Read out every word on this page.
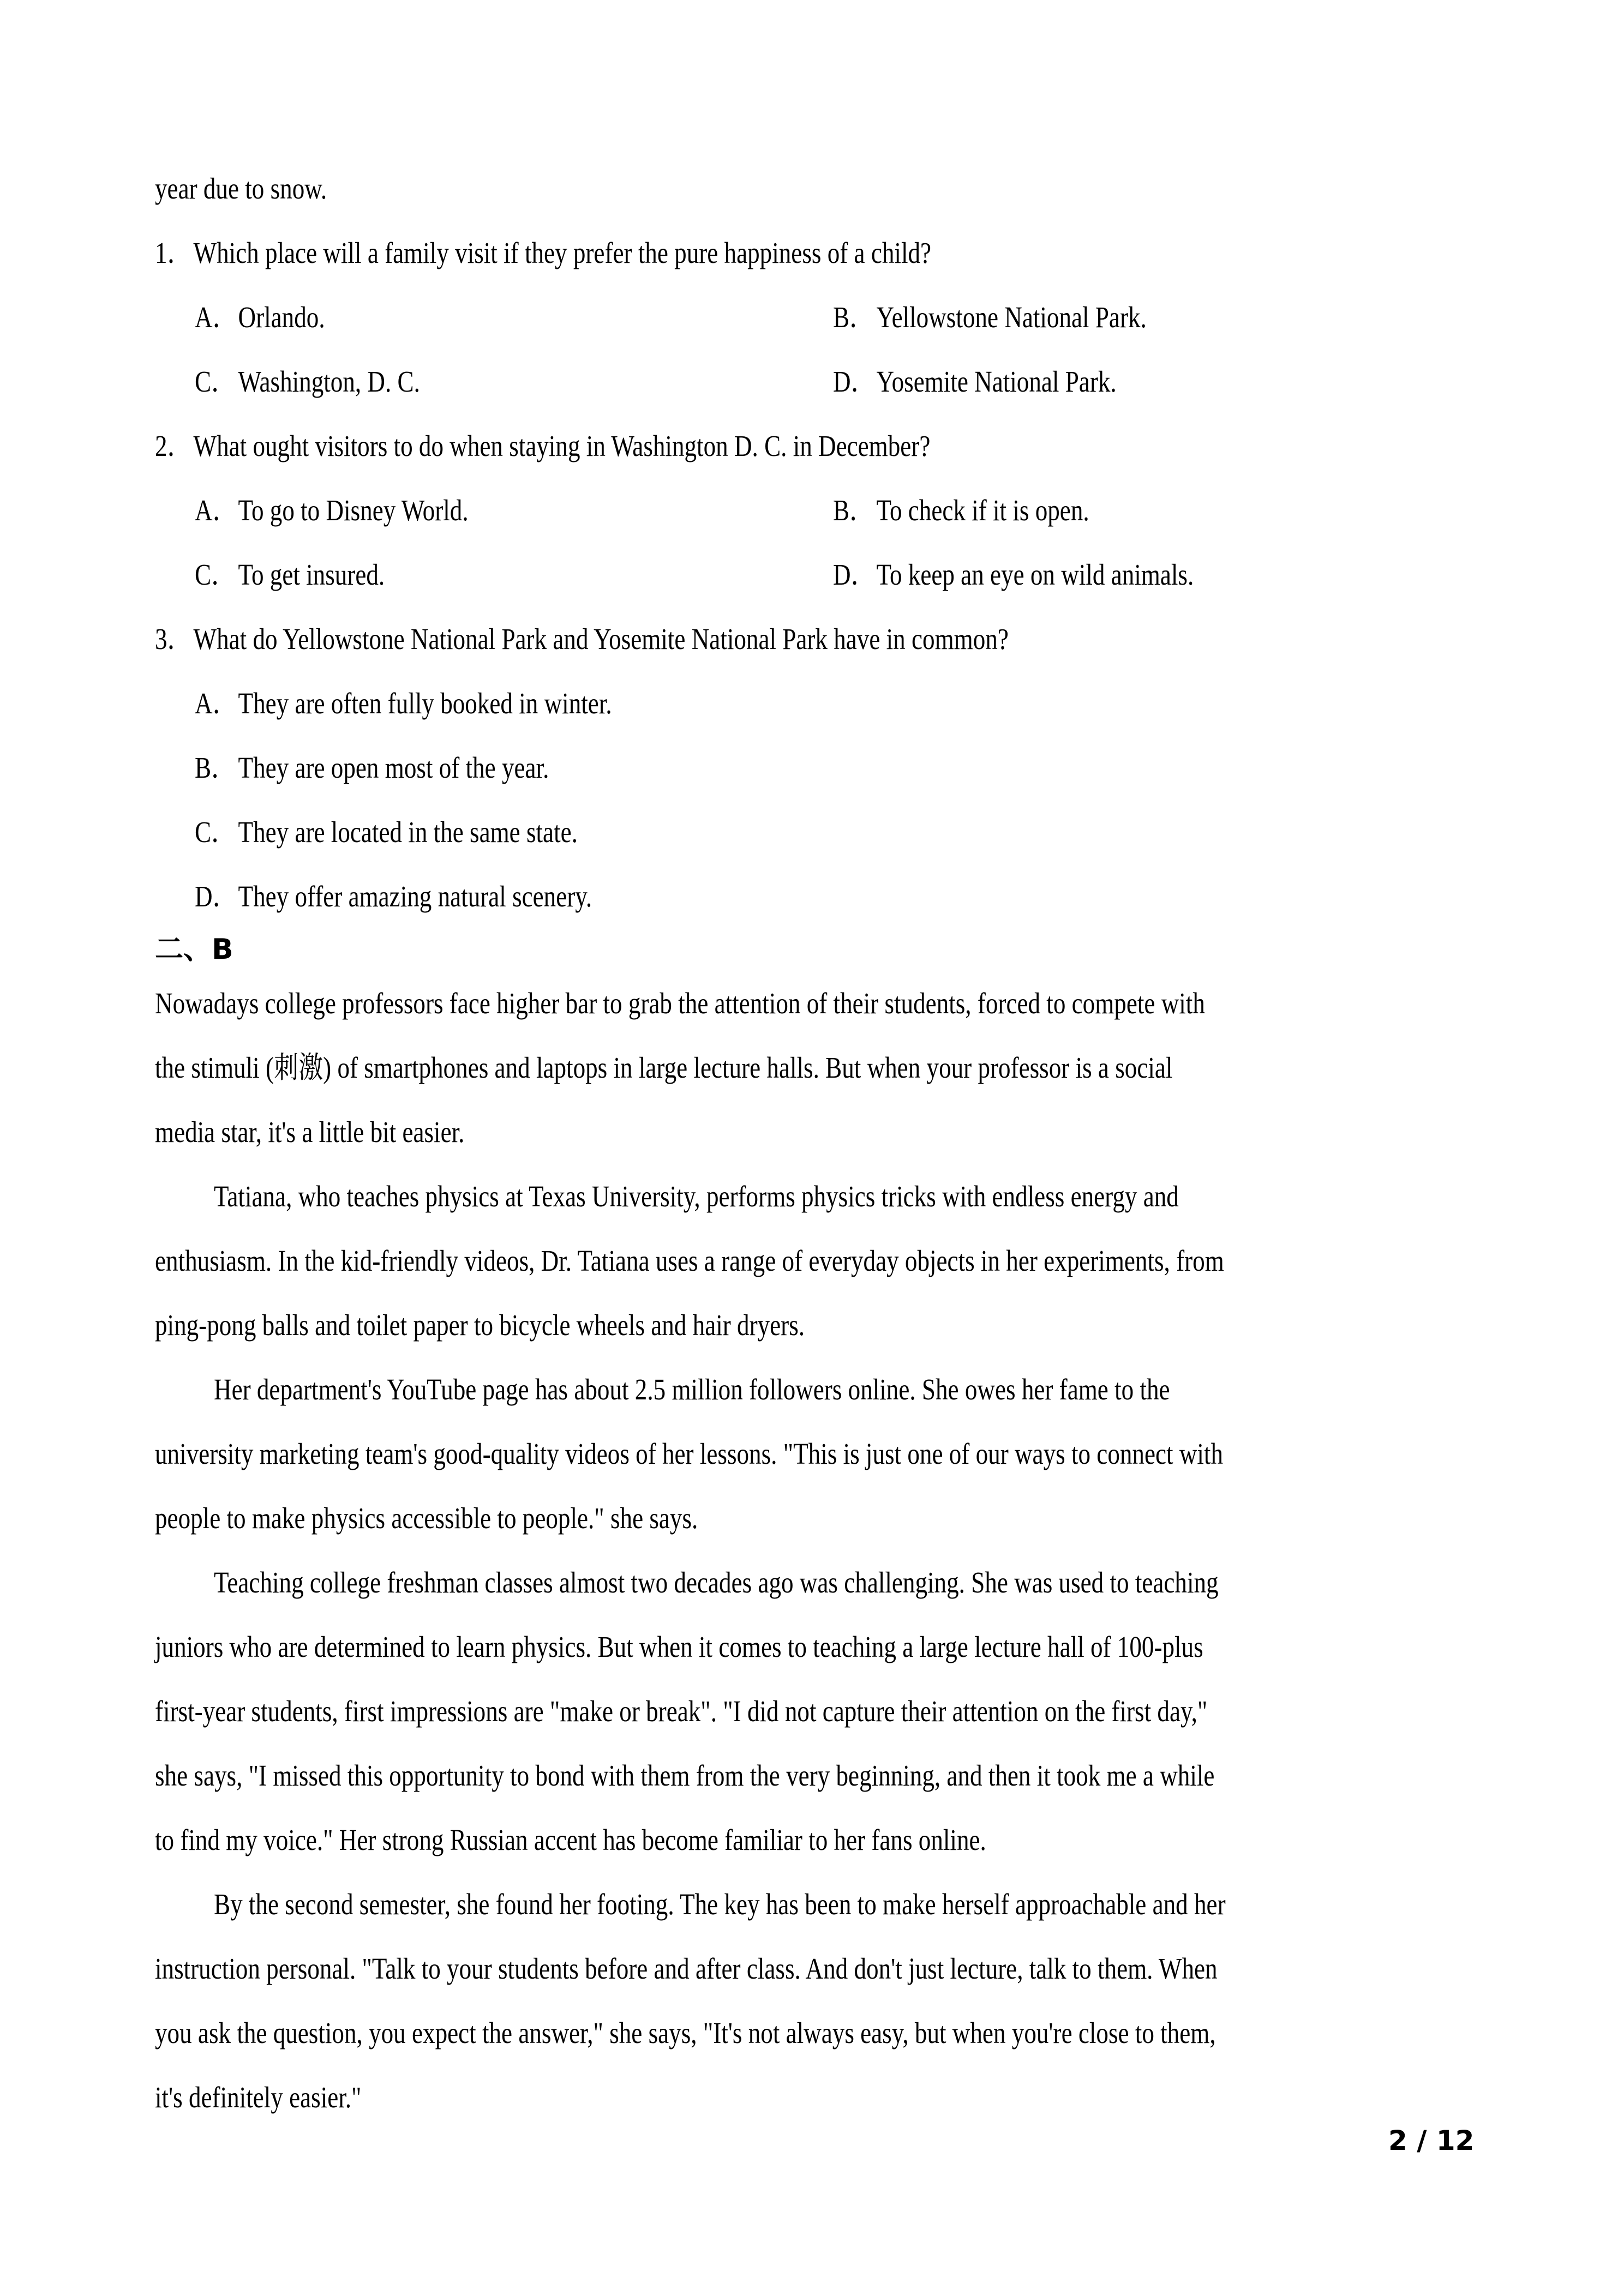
year due to snow.
1．Which place will a family visit if they prefer the pure happiness of a child?
A．Orlando.	B．Yellowstone National Park.
C．Washington, D. C.	D．Yosemite National Park.
2．What ought visitors to do when staying in Washington D. C. in December?
A．To go to Disney World.	B．To check if it is open.
C．To get insured.	D．To keep an eye on wild animals.
3．What do Yellowstone National Park and Yosemite National Park have in common?
A．They are often fully booked in winter.
B．They are open most of the year.
C．They are located in the same state.
D．They offer amazing natural scenery.
二、B
Nowadays college professors face higher bar to grab the attention of their students, forced to compete with
the stimuli (刺激) of smartphones and laptops in large lecture halls. But when your professor is a social
media star, it's a little bit easier.
Tatiana, who teaches physics at Texas University, performs physics tricks with endless energy and
enthusiasm. In the kid-friendly videos, Dr. Tatiana uses a range of everyday objects in her experiments, from
ping-pong balls and toilet paper to bicycle wheels and hair dryers.
Her department's YouTube page has about 2.5 million followers online. She owes her fame to the
university marketing team's good-quality videos of her lessons. "This is just one of our ways to connect with
people to make physics accessible to people." she says.
Teaching college freshman classes almost two decades ago was challenging. She was used to teaching
juniors who are determined to learn physics. But when it comes to teaching a large lecture hall of 100-plus
first-year students, first impressions are "make or break". "I did not capture their attention on the first day,"
she says, "I missed this opportunity to bond with them from the very beginning, and then it took me a while
to find my voice." Her strong Russian accent has become familiar to her fans online.
By the second semester, she found her footing. The key has been to make herself approachable and her
instruction personal. "Talk to your students before and after class. And don't just lecture, talk to them. When
you ask the question, you expect the answer," she says, "It's not always easy, but when you're close to them,
it's definitely easier."
2 / 12
